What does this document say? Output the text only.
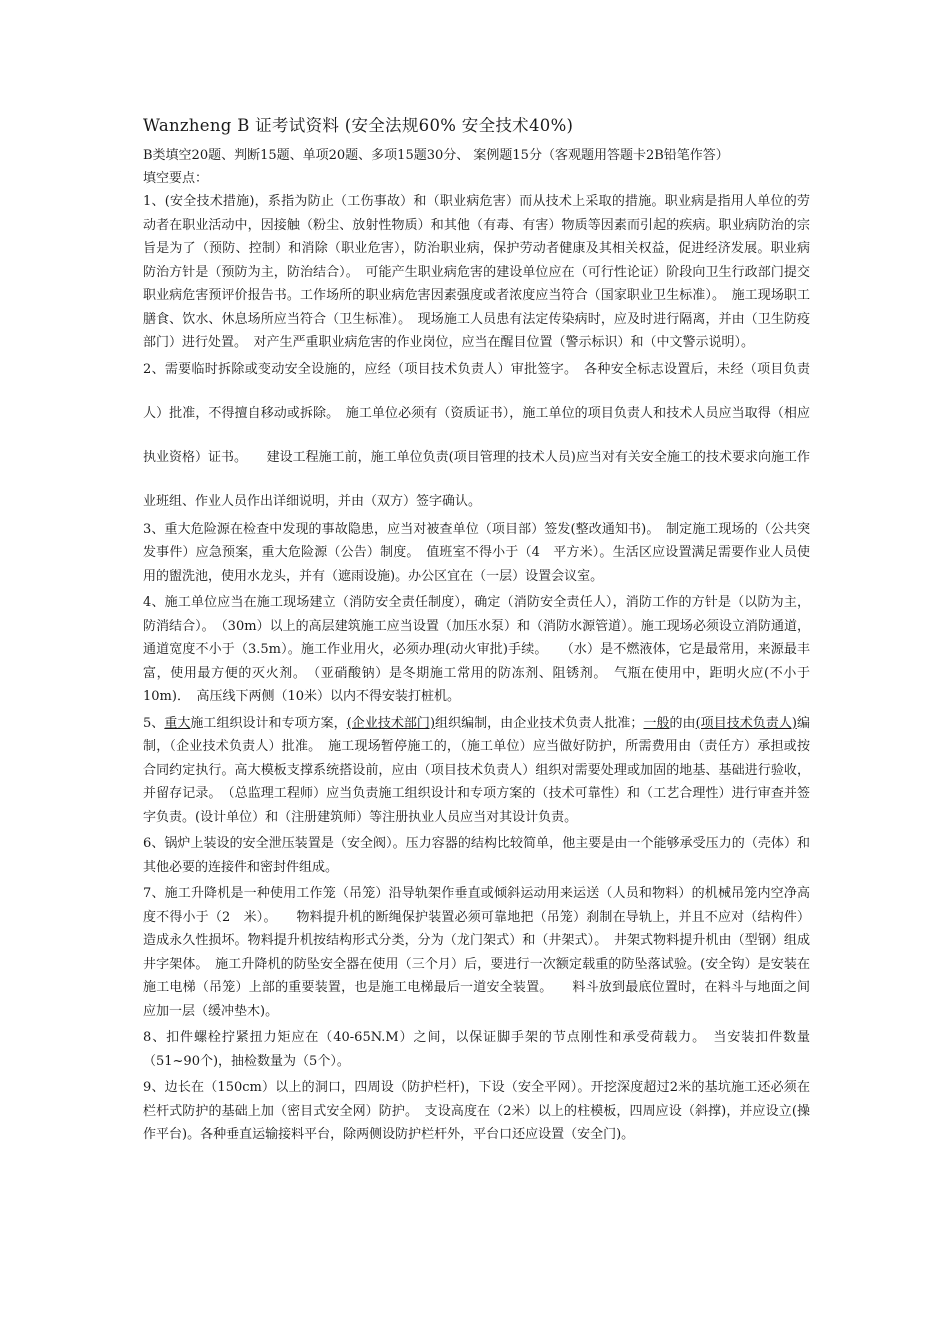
Wanzheng B 证考试资料 (安全法规60% 安全技术40%)

B类填空20题、判断15题、单项20题、多项15题30分、 案例题15分（客观题用答题卡2B铅笔作答）

填空要点：

1、(安全技术措施)，系指为防止（工伤事故）和（职业病危害）而从技术上采取的措施。职业病是指用人单位的劳动者在职业活动中，因接触（粉尘、放射性物质）和其他（有毒、有害）物质等因素而引起的疾病。职业病防治的宗旨是为了（预防、控制）和消除（职业危害），防治职业病，保护劳动者健康及其相关权益，促进经济发展。职业病防治方针是（预防为主，防治结合）。　可能产生职业病危害的建设单位应在（可行性论证）阶段向卫生行政部门提交职业病危害预评价报告书。工作场所的职业病危害因素强度或者浓度应当符合（国家职业卫生标准）。　施工现场职工膳食、饮水、休息场所应当符合（卫生标准）。　现场施工人员患有法定传染病时，应及时进行隔离，并由（卫生防疫部门）进行处置。　对产生严重职业病危害的作业岗位，应当在醒目位置（警示标识）和（中文警示说明）。

2、需要临时拆除或变动安全设施的，应经（项目技术负责人）审批签字。　各种安全标志设置后，未经（项目负责人）批准，不得擅自移动或拆除。　施工单位必须有（资质证书），施工单位的项目负责人和技术人员应当取得（相应执业资格）证书。　　建设工程施工前，施工单位负责(项目管理的技术人员)应当对有关安全施工的技术要求向施工作业班组、作业人员作出详细说明，并由（双方）签字确认。

3、重大危险源在检查中发现的事故隐患，应当对被查单位（项目部）签发(整改通知书)。　制定施工现场的（公共突发事件）应急预案，重大危险源（公告）制度。　值班室不得小于（4　平方米）。生活区应设置满足需要作业人员使用的盥洗池，使用水龙头，并有（遮雨设施)。办公区宜在（一层）设置会议室。

4、施工单位应当在施工现场建立（消防安全责任制度），确定（消防安全责任人），消防工作的方针是（以防为主，防消结合）。　（30m）以上的高层建筑施工应当设置（加压水泵）和（消防水源管道）。施工现场必须设立消防通道，通道宽度不小于（3.5m）。施工作业用火，必须办理(动火审批)手续。　　（水）是不燃液体，它是最常用，来源最丰富，使用最方便的灭火剂。　（亚硝酸钠）是冬期施工常用的防冻剂、阻锈剂。　气瓶在使用中，距明火应(不小于10m)．　高压线下两侧（10米）以内不得安装打桩机。

5、重大施工组织设计和专项方案，(企业技术部门)组织编制，由企业技术负责人批准；一般的由(项目技术负责人)编制，（企业技术负责人）批准。　施工现场暂停施工的，（施工单位）应当做好防护，所需费用由（责任方）承担或按合同约定执行。高大模板支撑系统搭设前，应由（项目技术负责人）组织对需要处理或加固的地基、基础进行验收，并留存记录。　（总监理工程师）应当负责施工组织设计和专项方案的（技术可靠性）和（工艺合理性）进行审查并签字负责。(设计单位）和（注册建筑师）等注册执业人员应当对其设计负责。

6、锅炉上装设的安全泄压装置是（安全阀）。压力容器的结构比较简单，他主要是由一个能够承受压力的（壳体）和其他必要的连接件和密封件组成。

7、施工升降机是一种使用工作笼（吊笼）沿导轨架作垂直或倾斜运动用来运送（人员和物料）的机械吊笼内空净高度不得小于（2　米）。　　物料提升机的断绳保护装置必须可靠地把（吊笼）刹制在导轨上，并且不应对（结构件）造成永久性损坏。物料提升机按结构形式分类，分为（龙门架式）和（井架式）。　井架式物料提升机由（型钢）组成井字架体。　施工升降机的防坠安全器在使用（三个月）后，要进行一次额定载重的防坠落试验。(安全钩）是安装在施工电梯（吊笼）上部的重要装置，也是施工电梯最后一道安全装置。　　料斗放到最底位置时，在料斗与地面之间应加一层（缓冲垫木)。

8、扣件螺栓拧紧扭力矩应在（40-65N.M）之间，以保证脚手架的节点刚性和承受荷载力。　当安装扣件数量（51~90个)，抽检数量为（5个）。

9、边长在（150cm）以上的洞口，四周设（防护栏杆)，下设（安全平网）。开挖深度超过2米的基坑施工还必须在栏杆式防护的基础上加（密目式安全网）防护。　支设高度在（2米）以上的柱模板，四周应设（斜撑)，并应设立(操作平台)。各种垂直运输接料平台，除两侧设防护栏杆外，平台口还应设置（安全门)。
